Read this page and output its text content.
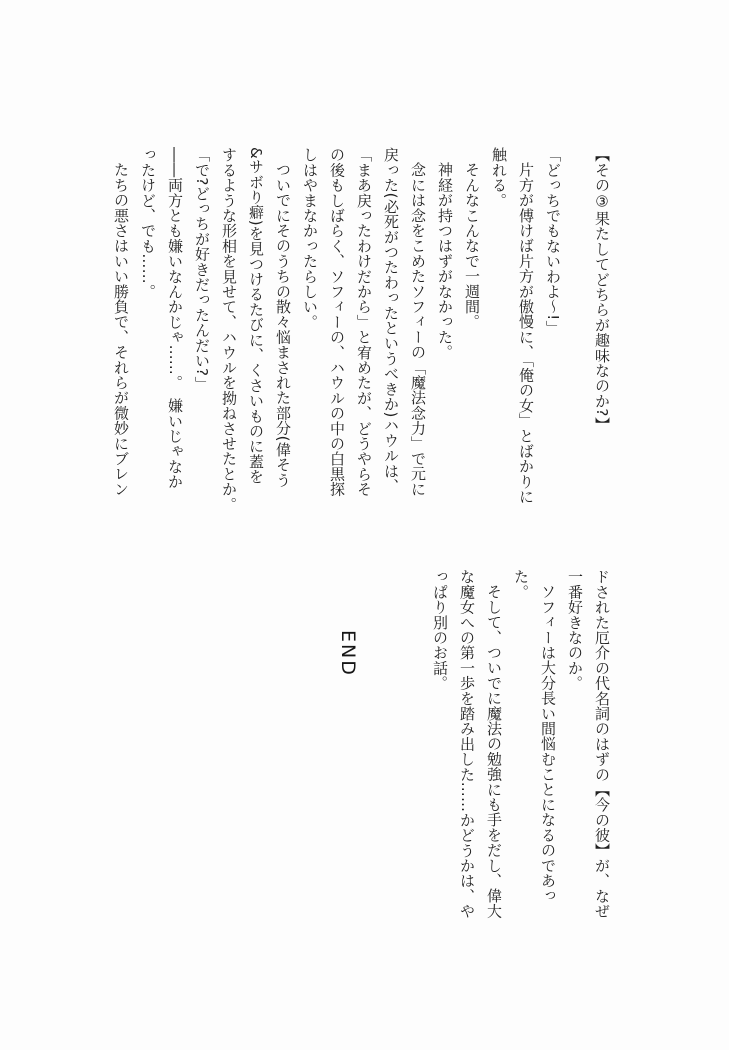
【その③果たしてどちらが趣味なのか?】
「どっちでもないわよ〜!」
片方が傅けば片方が傲慢に、「俺の女」とばかりに
触れる。
そんなこんなで一週間。
神経が持つはずがなかった。
念には念をこめたソフィーの「魔法念力」で元に
戻った(必死がつたわったというべきか)ハウルは、
「まあ戻ったわけだから」と宥めたが、どうやらそ
の後もしばらく、ソフィーの、ハウルの中の白黒探
しはやまなかったらしい。
ついでにそのうちの散々悩まされた部分(偉そう
&サボり癖)を見つけるたびに、くさいものに蓋を
するような形相を見せて、ハウルを拗ねさせたとか。
「で?どっちが好きだったんだい?」
――両方とも嫌いなんかじゃ……。　嫌いじゃなか
ったけど、でも……。
たちの悪さはいい勝負で、それらが微妙にブレン
ドされた厄介の代名詞のはずの【今の彼】が、なぜ
一番好きなのか。
ソフィーは大分長い間悩むことになるのであっ
た。
そして、ついでに魔法の勉強にも手をだし、偉大
な魔女への第一歩を踏み出した……かどうかは、や
っぱり別のお話。
END
